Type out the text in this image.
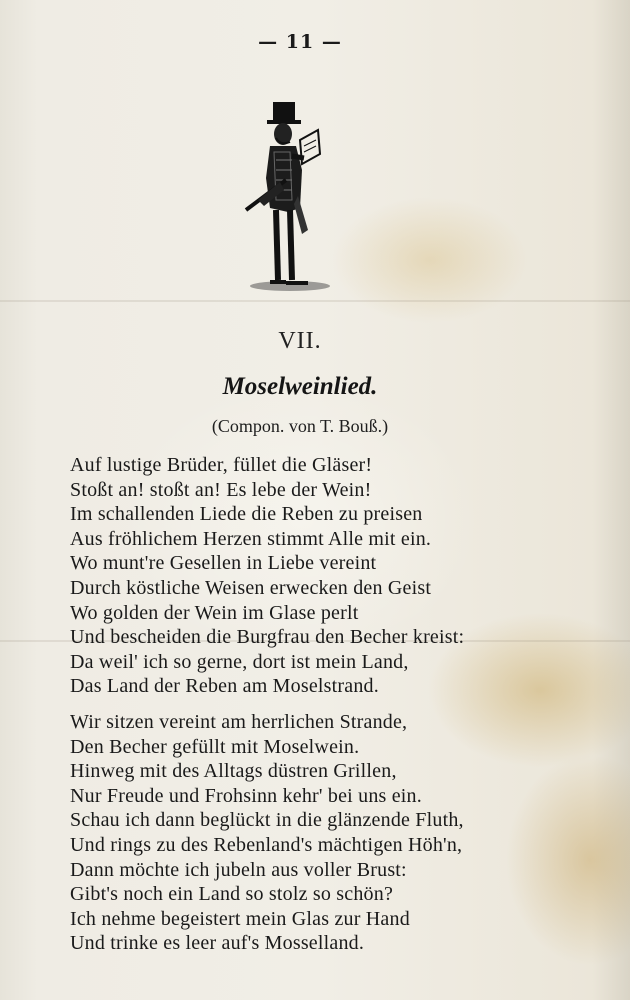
— 11 —
VII.
Moselweinlied.
(Compon. von T. Bouß.)
Auf lustige Brüder, füllet die Gläser!
Stoßt an! stoßt an! Es lebe der Wein!
Im schallenden Liede die Reben zu preisen
Aus fröhlichem Herzen stimmt Alle mit ein.
Wo munt're Gesellen in Liebe vereint
Durch köstliche Weisen erwecken den Geist
Wo golden der Wein im Glase perlt
Und bescheiden die Burgfrau den Becher kreist:
Da weil' ich so gerne, dort ist mein Land,
Das Land der Reben am Moselstrand.
Wir sitzen vereint am herrlichen Strande,
Den Becher gefüllt mit Moselwein.
Hinweg mit des Alltags düstren Grillen,
Nur Freude und Frohsinn kehr' bei uns ein.
Schau ich dann beglückt in die glänzende Fluth,
Und rings zu des Rebenland's mächtigen Höh'n,
Dann möchte ich jubeln aus voller Brust:
Gibt's noch ein Land so stolz so schön?
Ich nehme begeistert mein Glas zur Hand
Und trinke es leer auf's Mosselland.
